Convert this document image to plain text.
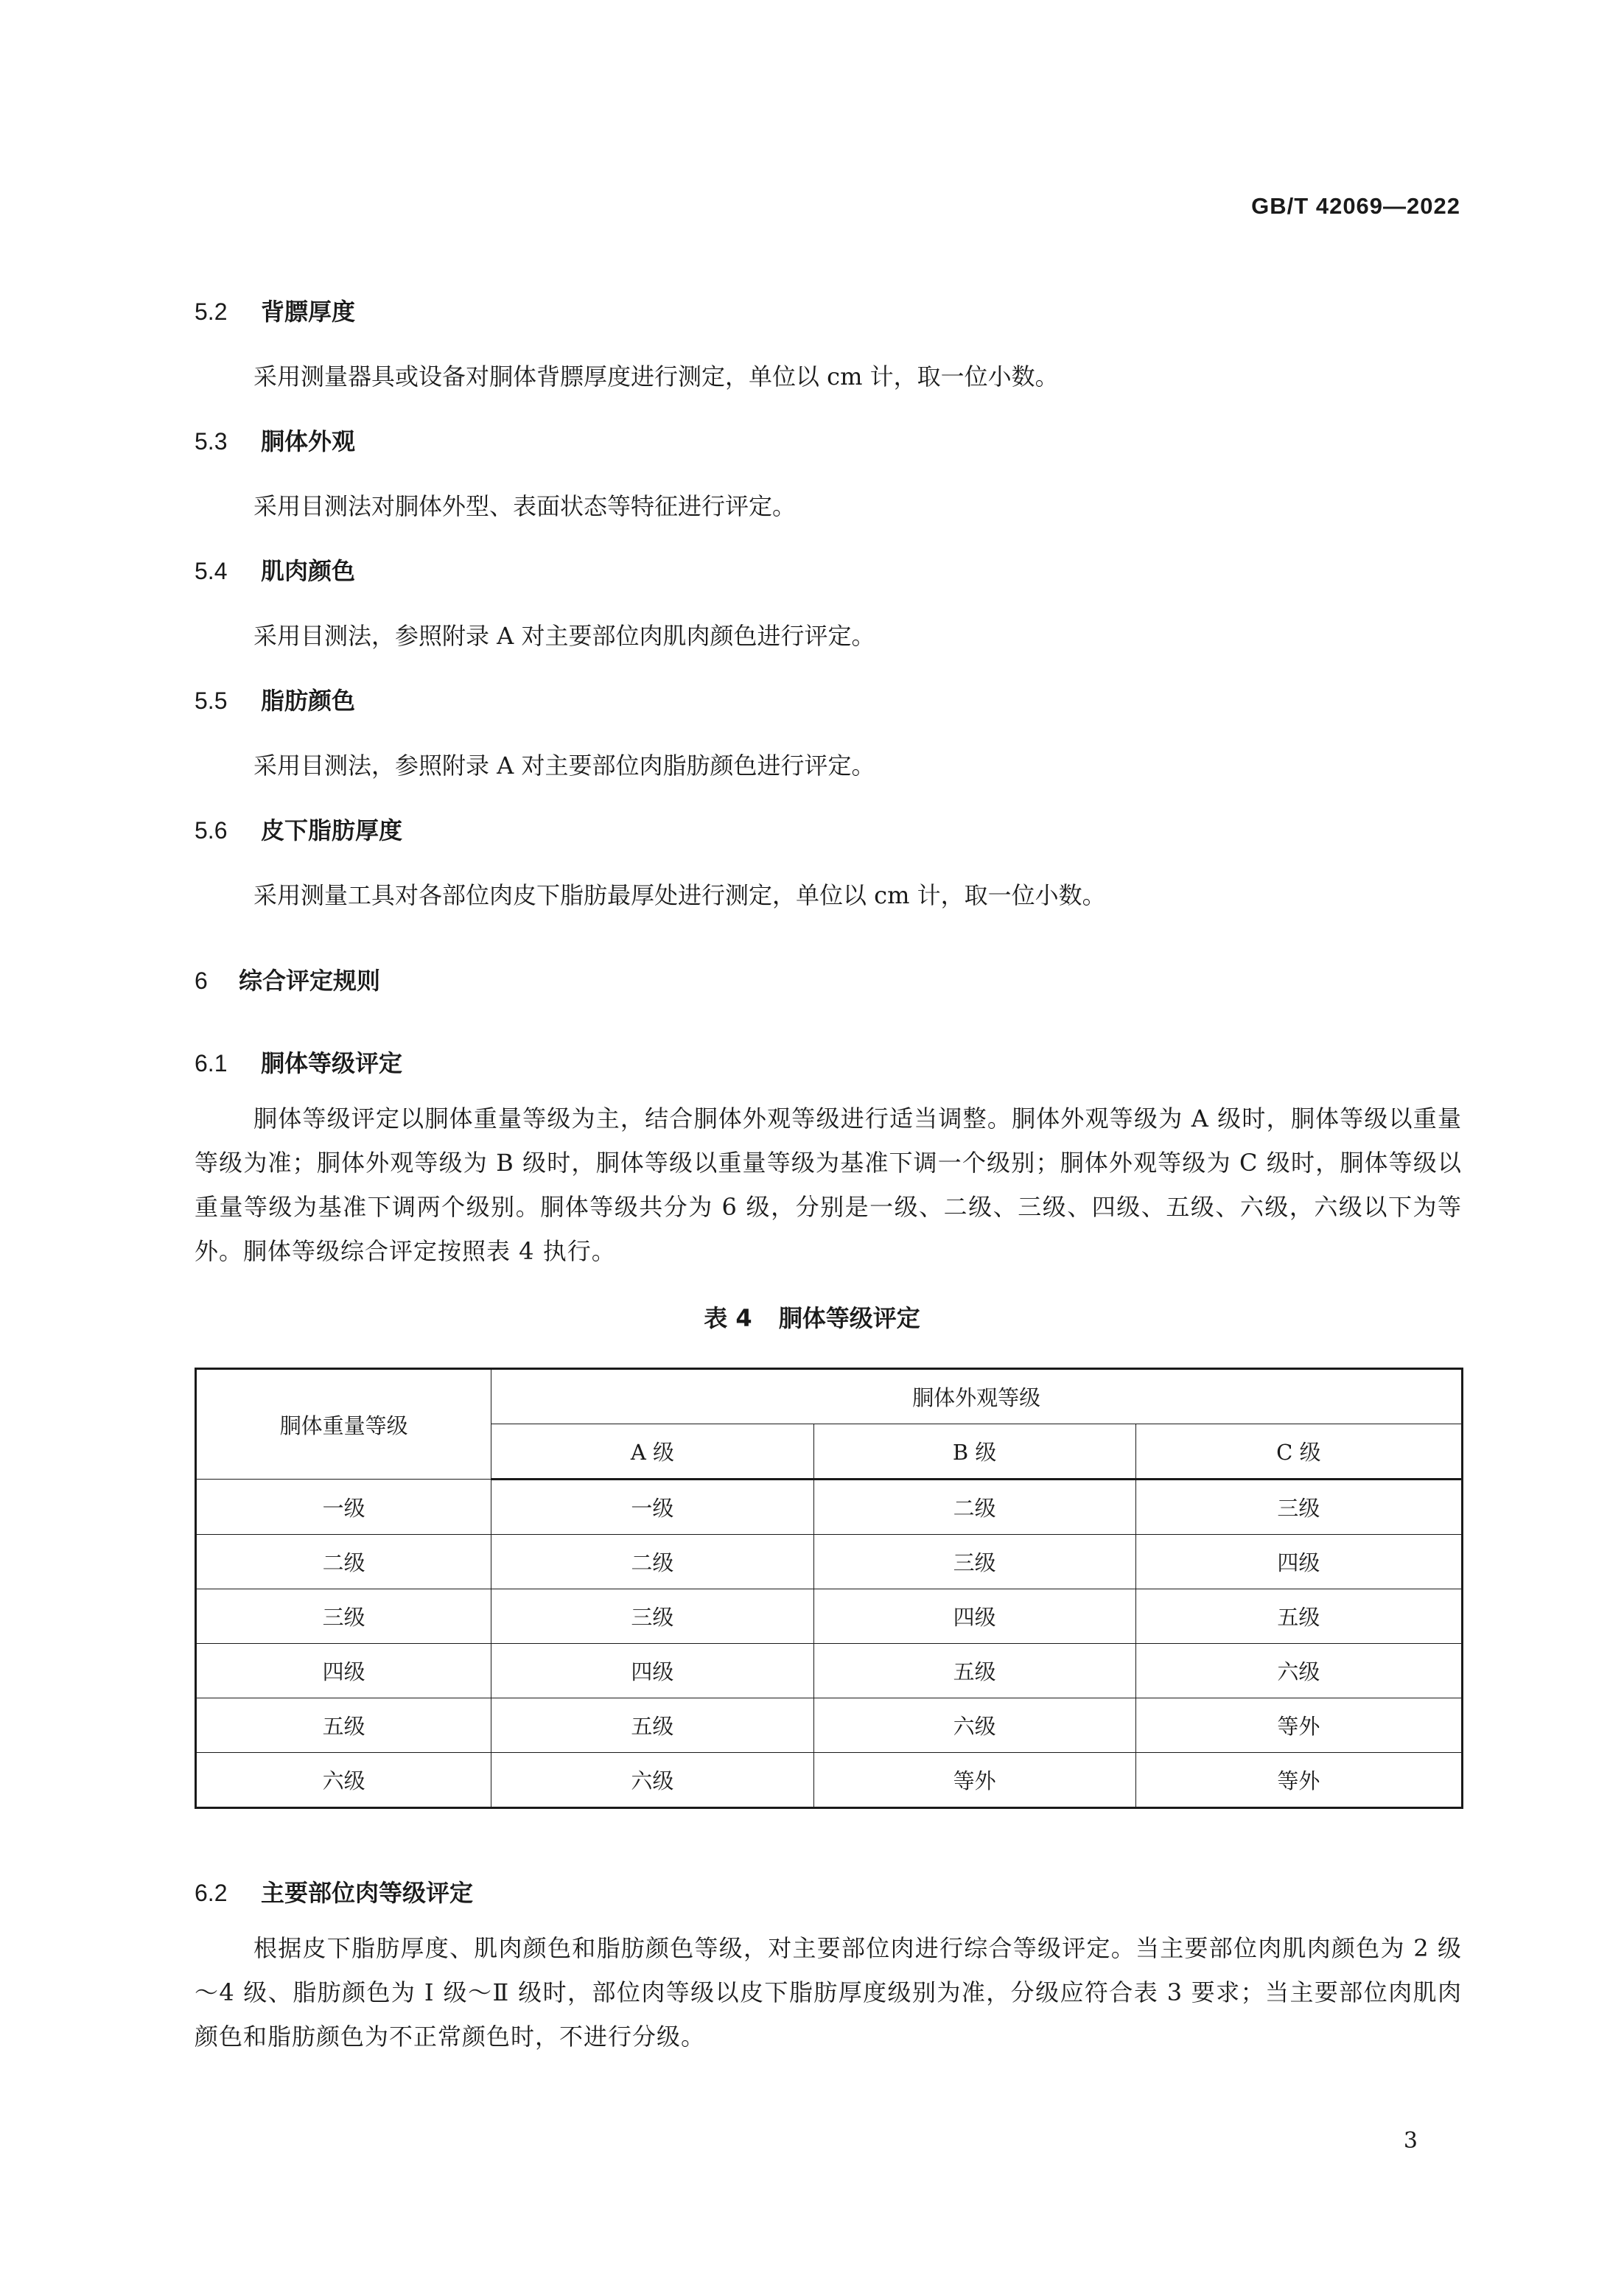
GB/T 42069—2022
5.2 背膘厚度
采用测量器具或设备对胴体背膘厚度进行测定，单位以 cm 计，取一位小数。
5.3 胴体外观
采用目测法对胴体外型、表面状态等特征进行评定。
5.4 肌肉颜色
采用目测法，参照附录 A 对主要部位肉肌肉颜色进行评定。
5.5 脂肪颜色
采用目测法，参照附录 A 对主要部位肉脂肪颜色进行评定。
5.6 皮下脂肪厚度
采用测量工具对各部位肉皮下脂肪最厚处进行测定，单位以 cm 计，取一位小数。
6 综合评定规则
6.1 胴体等级评定
胴体等级评定以胴体重量等级为主，结合胴体外观等级进行适当调整。胴体外观等级为 A 级时，胴体等级以重量等级为准；胴体外观等级为 B 级时，胴体等级以重量等级为基准下调一个级别；胴体外观等级为 C 级时，胴体等级以重量等级为基准下调两个级别。胴体等级共分为 6 级，分别是一级、二级、三级、四级、五级、六级，六级以下为等外。胴体等级综合评定按照表 4 执行。
表 4 胴体等级评定
胴体重量等级	胴体外观等级		
	A 级	B 级	C 级
一级	一级	二级	三级
二级	二级	三级	四级
三级	三级	四级	五级
四级	四级	五级	六级
五级	五级	六级	等外
六级	六级	等外	等外
6.2 主要部位肉等级评定
根据皮下脂肪厚度、肌肉颜色和脂肪颜色等级，对主要部位肉进行综合等级评定。当主要部位肉肌肉颜色为 2 级～4 级、脂肪颜色为 Ⅰ 级～Ⅱ 级时，部位肉等级以皮下脂肪厚度级别为准，分级应符合表 3 要求；当主要部位肉肌肉颜色和脂肪颜色为不正常颜色时，不进行分级。
3
